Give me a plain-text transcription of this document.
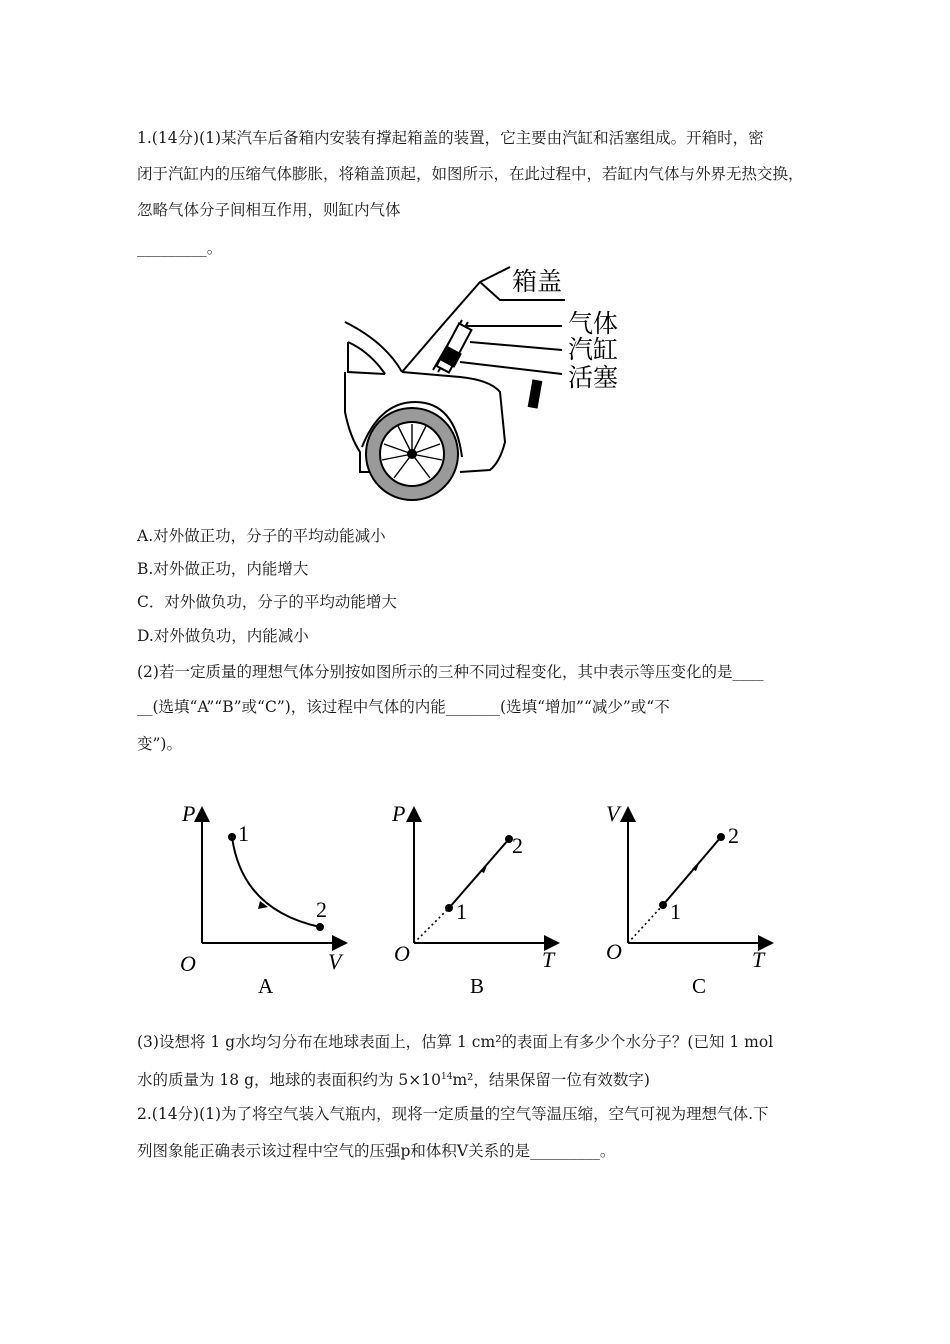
1.(14分)(1)某汽车后备箱内安装有撑起箱盖的装置，它主要由汽缸和活塞组成。开箱时，密
闭于汽缸内的压缩气体膨胀，将箱盖顶起，如图所示，在此过程中，若缸内气体与外界无热交换，
忽略气体分子间相互作用，则缸内气体
_________。
箱盖
气体
汽缸
活塞
A.对外做正功，分子的平均动能减小
B.对外做正功，内能增大
C．对外做负功，分子的平均动能增大
D.对外做负功，内能减小
(2)若一定质量的理想气体分别按如图所示的三种不同过程变化，其中表示等压变化的是____
__(选填“A”“B”或“C”)，该过程中气体的内能_______(选填“增加”“减少”或“不
变”)。
P
V
O
1
2
A
P
T
O
1
2
B
V
T
O
1
2
C
(3)设想将 1 g水均匀分布在地球表面上，估算 1 cm²的表面上有多少个水分子？(已知 1 mol
水的质量为 18 g，地球的表面积约为 $5\times 10^{14}m^2$，结果保留一位有效数字)
2.(14分)(1)为了将空气装入气瓶内，现将一定质量的空气等温压缩，空气可视为理想气体.下
列图象能正确表示该过程中空气的压强p和体积V关系的是_________。
